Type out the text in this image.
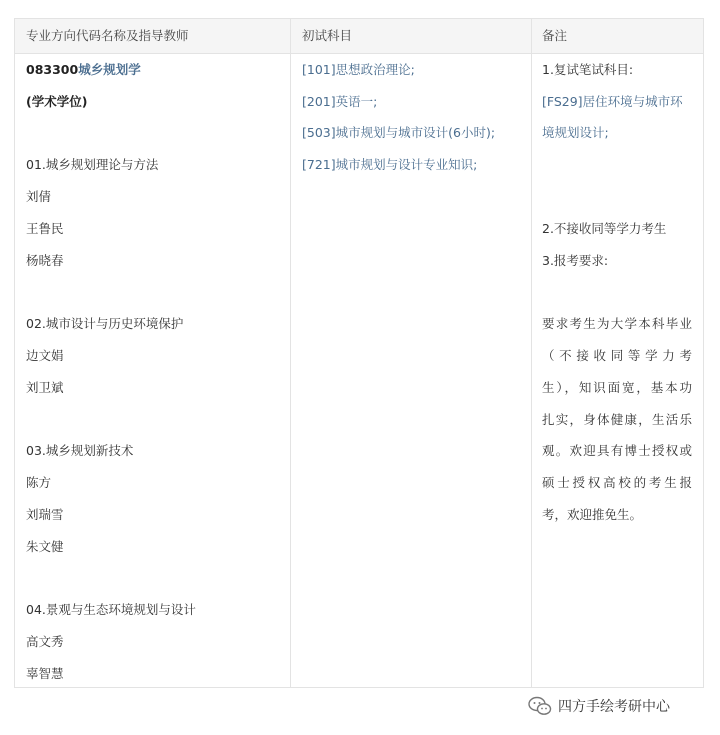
专业方向代码名称及指导教师	初试科目	备注
083300城乡规划学
(学术学位)
01.城乡规划理论与方法
刘倩
王鲁民
杨晓春
02.城市设计与历史环境保护
边文娟
刘卫斌
03.城乡规划新技术
陈方
刘瑞雪
朱文健
04.景观与生态环境规划与设计
高文秀
辜智慧
[101]思想政治理论;
[201]英语一;
[503]城市规划与城市设计(6小时);
[721]城市规划与设计专业知识;
1.复试笔试科目:
[FS29]居住环境与城市环
境规划设计;
2.不接收同等学力考生
3.报考要求:
要求考生为大学本科毕业
（不接收同等学力考
生），知识面宽，基本功
扎实，身体健康，生活乐
观。欢迎具有博士授权或
硕士授权高校的考生报
考，欢迎推免生。
四方手绘考研中心
